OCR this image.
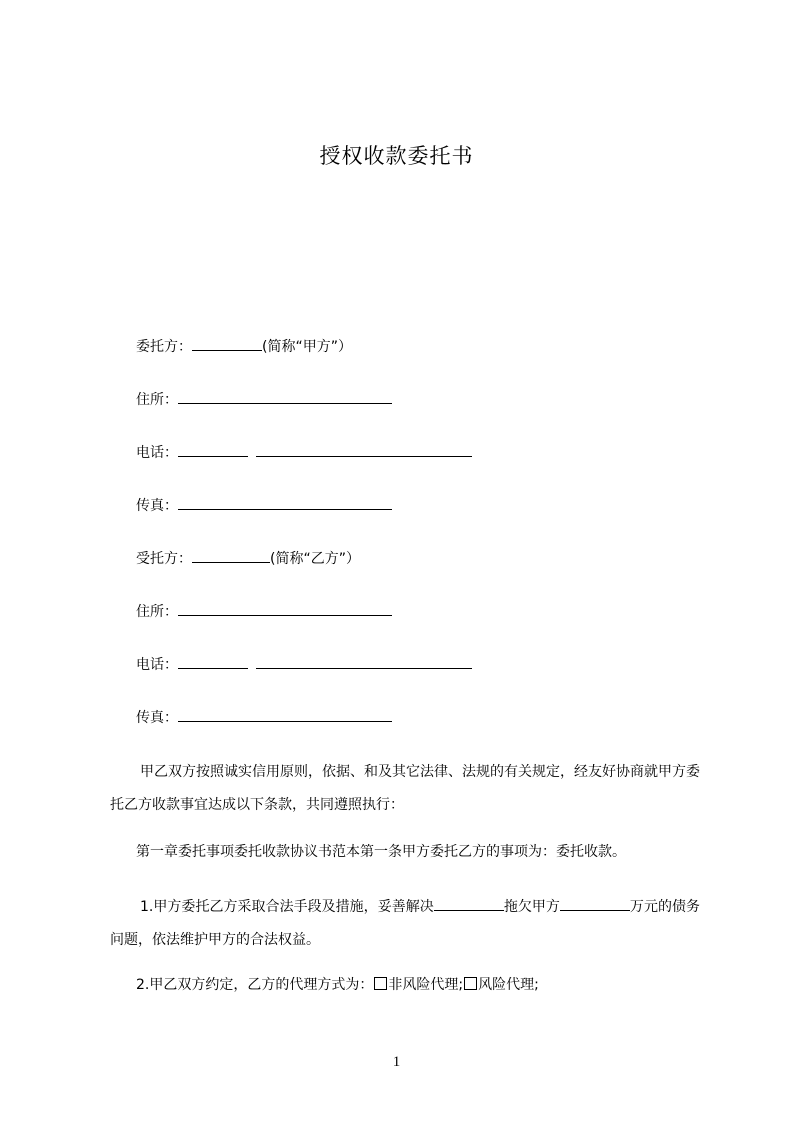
授权收款委托书
委托方：	(简称“甲方”）
住所：
电话：
传真：
受托方：	(简称“乙方”）
住所：
电话：
传真：
甲乙双方按照诚实信用原则，依据、和及其它法律、法规的有关规定，经友好协商就甲方委托乙方收款事宜达成以下条款，共同遵照执行：
第一章委托事项委托收款协议书范本第一条甲方委托乙方的事项为：委托收款。
1.甲方委托乙方采取合法手段及措施，妥善解决	拖欠甲方	万元的债务问题，依法维护甲方的合法权益。
2.甲乙双方约定，乙方的代理方式为： 非风险代理; 风险代理;
1
